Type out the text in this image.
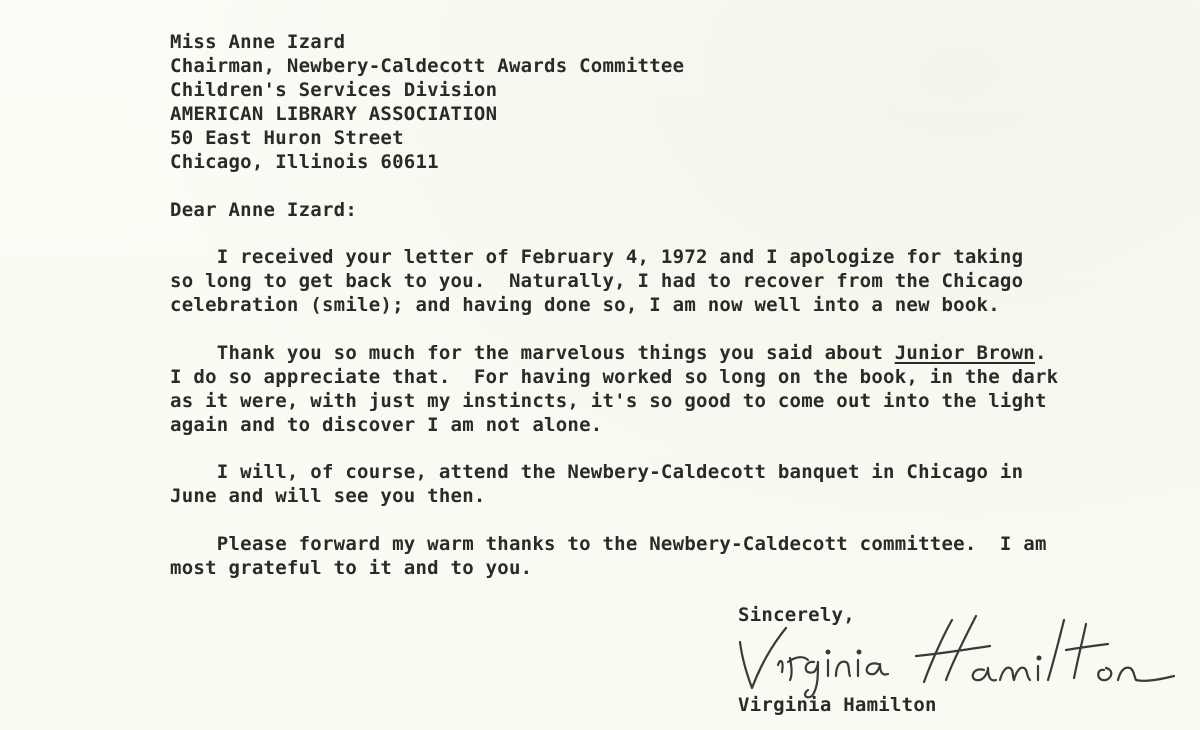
Miss Anne Izard

Chairman, Newbery-Caldecott Awards Committee

Children's Services Division

AMERICAN LIBRARY ASSOCIATION

50 East Huron Street

Chicago, Illinois 60611

Dear Anne Izard:

I received your letter of February 4, 1972 and I apologize for taking

so long to get back to you.  Naturally, I had to recover from the Chicago

celebration (smile); and having done so, I am now well into a new book.

Thank you so much for the marvelous things you said about Junior Brown.

I do so appreciate that.  For having worked so long on the book, in the dark

as it were, with just my instincts, it's so good to come out into the light

again and to discover I am not alone.

I will, of course, attend the Newbery-Caldecott banquet in Chicago in

June and will see you then.

Please forward my warm thanks to the Newbery-Caldecott committee.  I am

most grateful to it and to you.

Sincerely,

Virginia Hamilton
